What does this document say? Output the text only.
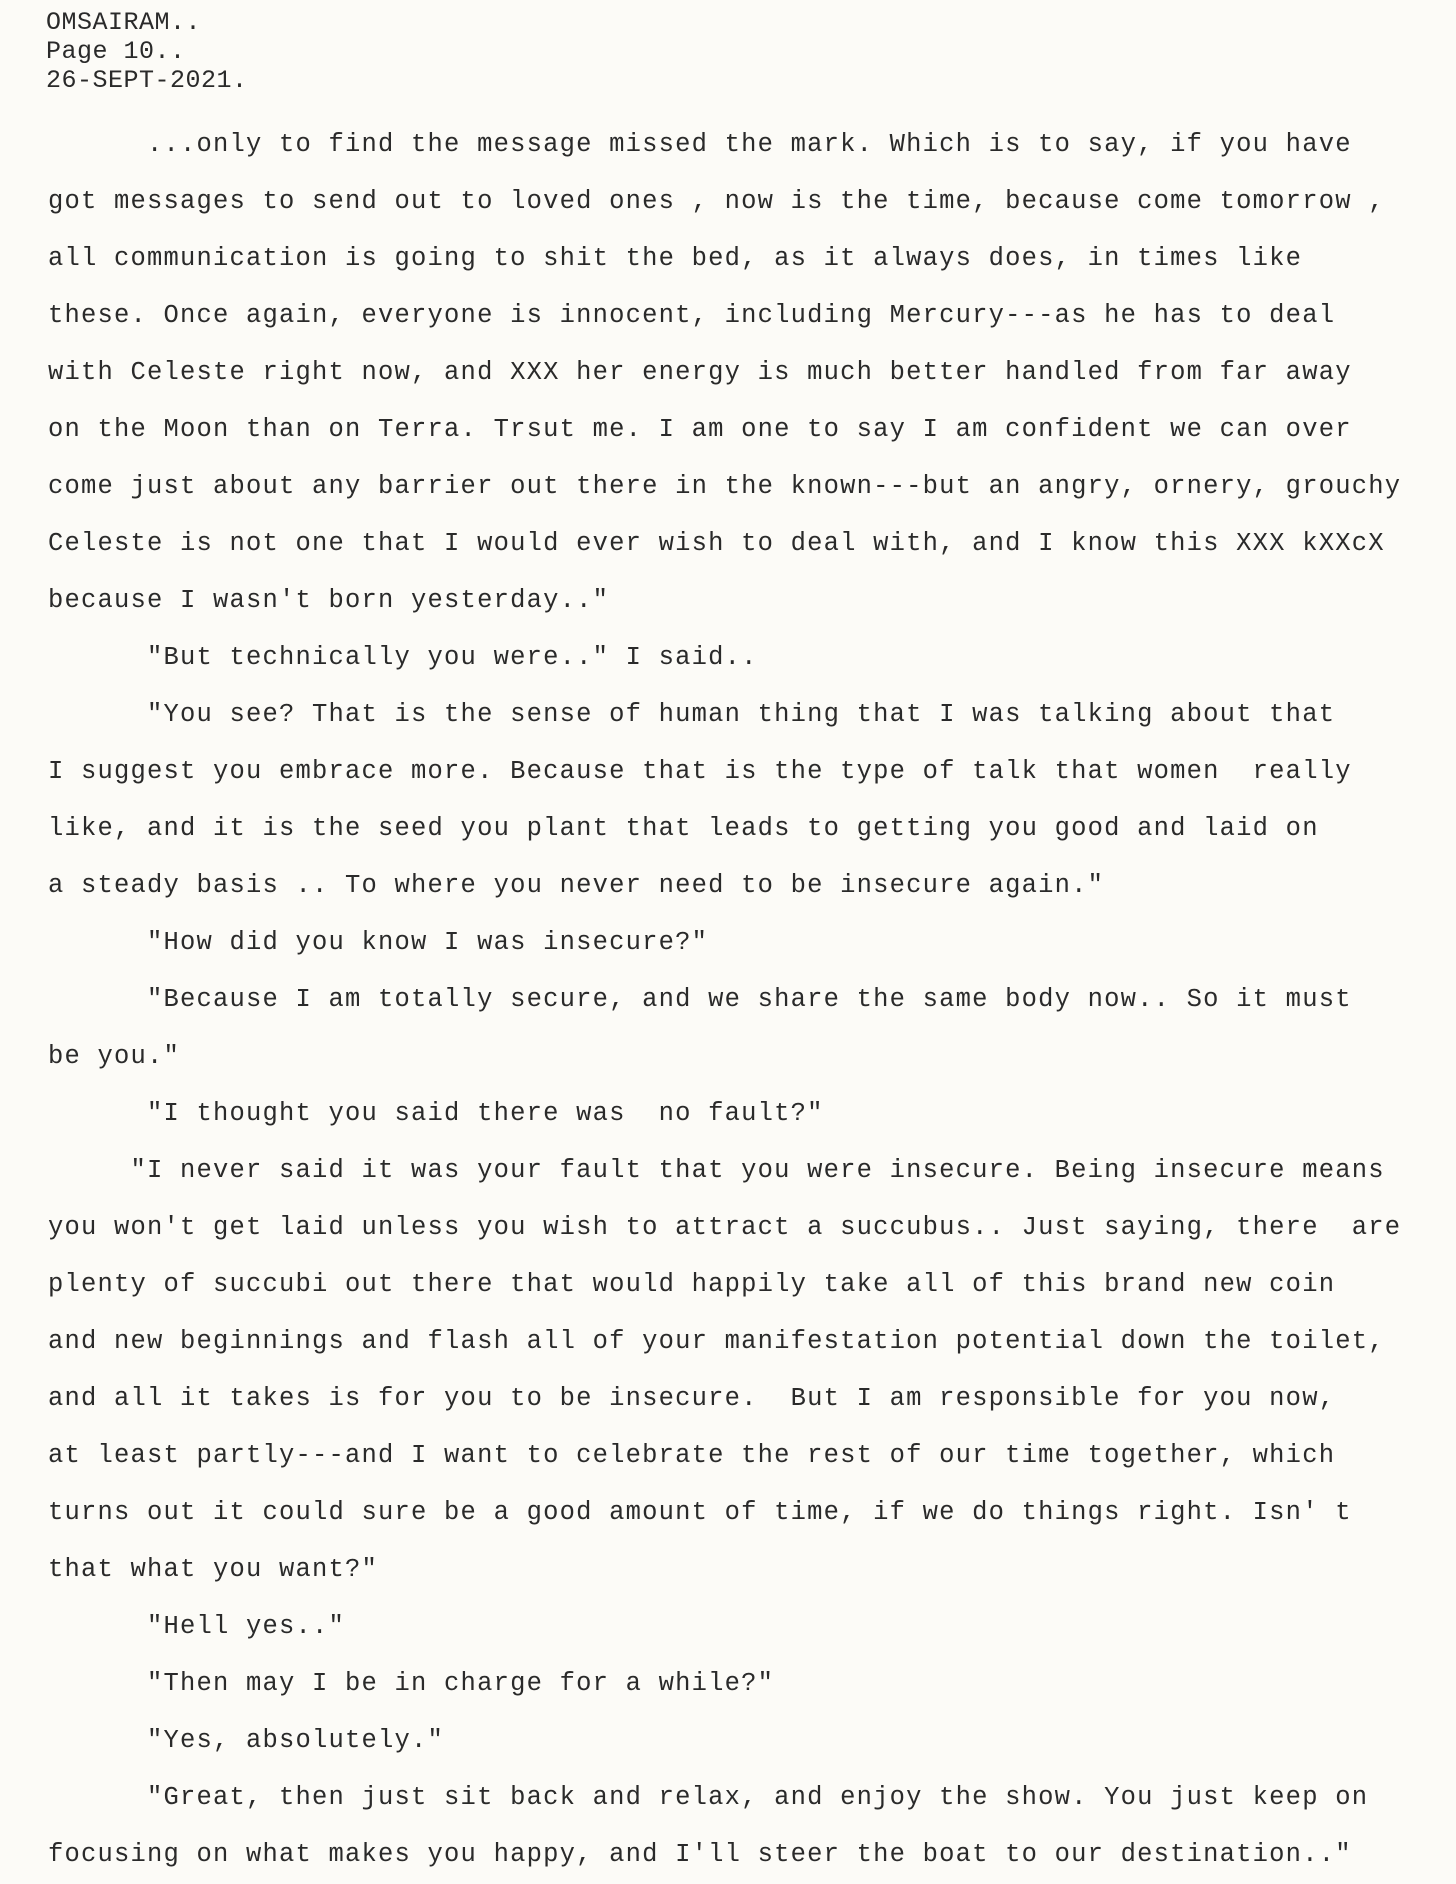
OMSAIRAM..
Page 10..
26-SEPT-2021.
...only to find the message missed the mark. Which is to say, if you have
got messages to send out to loved ones , now is the time, because come tomorrow ,
all communication is going to shit the bed, as it always does, in times like
these. Once again, everyone is innocent, including Mercury---as he has to deal
with Celeste right now, and XXX her energy is much better handled from far away
on the Moon than on Terra. Trsut me. I am one to say I am confident we can over
come just about any barrier out there in the known---but an angry, ornery, grouchy
Celeste is not one that I would ever wish to deal with, and I know this XXX kXXcX
because I wasn't born yesterday.."
"But technically you were.." I said..
"You see? That is the sense of human thing that I was talking about that
I suggest you embrace more. Because that is the type of talk that women  really
like, and it is the seed you plant that leads to getting you good and laid on
a steady basis .. To where you never need to be insecure again."
"How did you know I was insecure?"
"Because I am totally secure, and we share the same body now.. So it must
be you."
"I thought you said there was  no fault?"
"I never said it was your fault that you were insecure. Being insecure means
you won't get laid unless you wish to attract a succubus.. Just saying, there  are
plenty of succubi out there that would happily take all of this brand new coin
and new beginnings and flash all of your manifestation potential down the toilet,
and all it takes is for you to be insecure.  But I am responsible for you now,
at least partly---and I want to celebrate the rest of our time together, which
turns out it could sure be a good amount of time, if we do things right. Isn' t
that what you want?"
"Hell yes.."
"Then may I be in charge for a while?"
"Yes, absolutely."
"Great, then just sit back and relax, and enjoy the show. You just keep on
focusing on what makes you happy, and I'll steer the boat to our destination.."
